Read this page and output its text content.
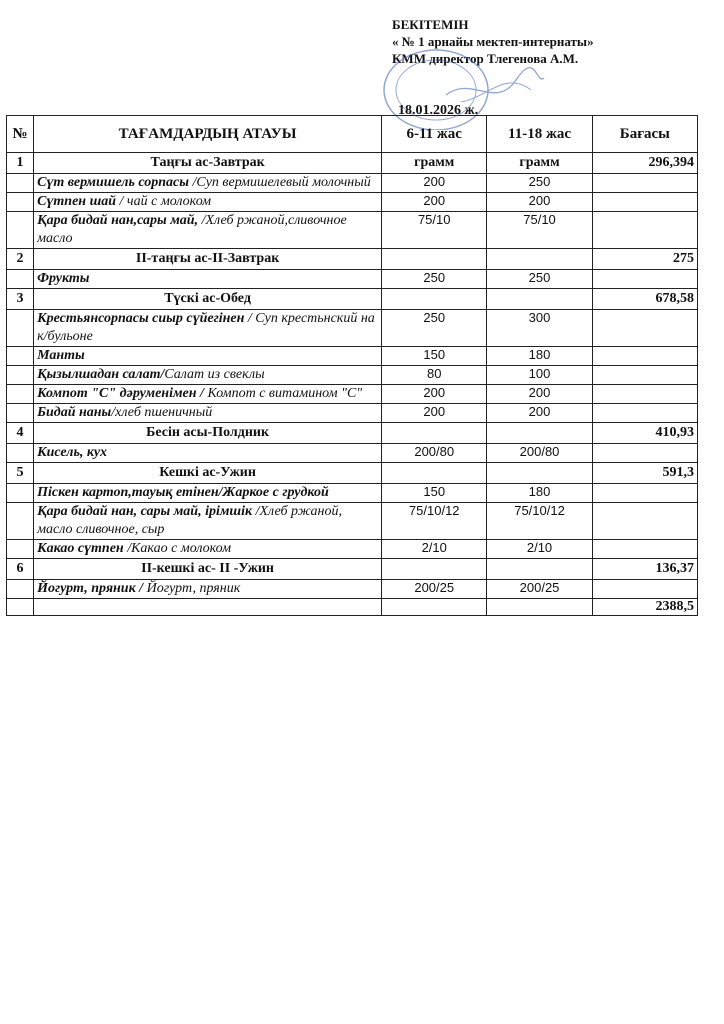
БЕКІТЕМІН
« № 1 арнайы мектеп-интернаты»
КММ директор Тлегенова А.М.
18.01.2026 ж.
№	ТАҒАМДАРДЫҢ АТАУЫ	6-11 жас	11-18 жас	Бағасы
1	Таңғы ас-Завтрак	грамм	грамм	296,394
	Сүт вермишель сорпасы /Суп вермишелевый молочный	200	250	
	Сүтпен шай / чай с молоком	200	200	
	Қара бидай нан,сары май, /Хлеб ржаной,сливочное масло	75/10	75/10	
2	ІІ-таңғы ас-ІІ-Завтрак			275
	Фрукты	250	250	
3	Түскі ас-Обед			678,58
	Крестьянсорпасы сиыр сүйегінен / Суп крестьнский на к/бульоне	250	300	
	Манты	150	180	
	Қызылшадан салат/Салат из свеклы	80	100	
	Компот "С" дәруменімен / Компот с витамином "С"	200	200	
	Бидай наны/хлеб пшеничный	200	200	
4	Бесін асы-Полдник			410,93
	Кисель, кух	200/80	200/80	
5	Кешкі ас-Ужин			591,3
	Піскен картоп,тауық етінен/Жаркое с грудкой	150	180	
	Қара бидай нан, сары май, ірімшік /Хлеб ржаной, масло сливочное, сыр	75/10/12	75/10/12	
	Какао сүтпен /Какао с молоком	2/10	2/10	
6	ІІ-кешкі ас- ІІ -Ужин			136,37
	Йогурт, пряник / Йогурт, пряник	200/25	200/25	
				2388,5
